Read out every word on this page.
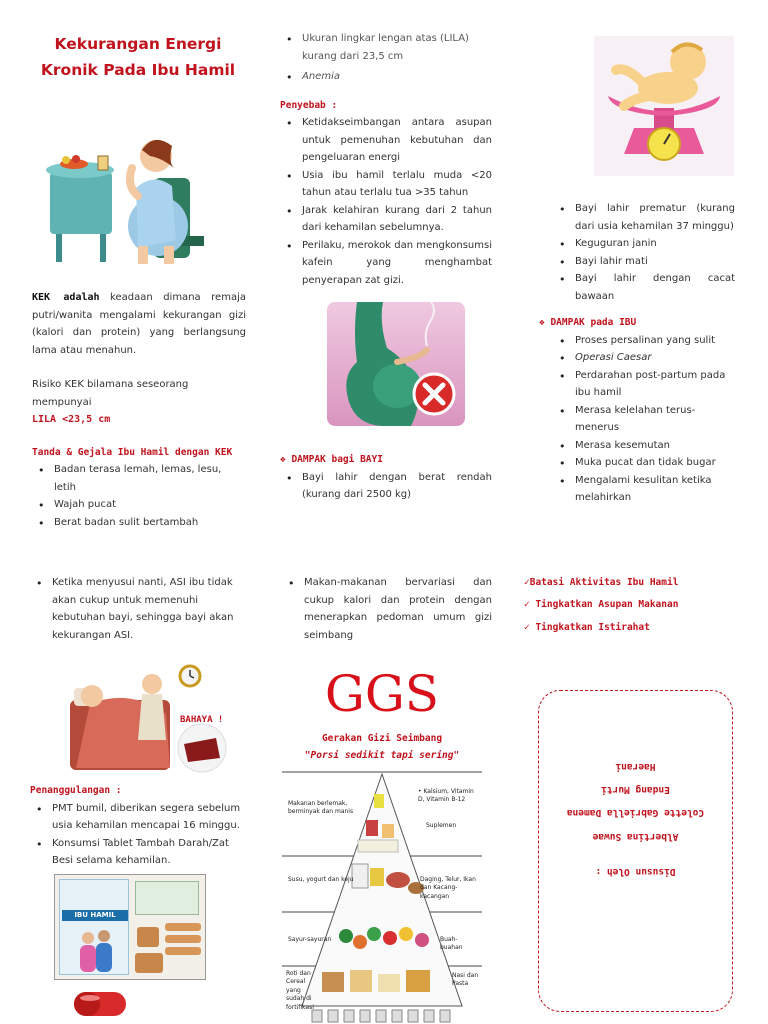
Kekurangan Energi
Kronik Pada Ibu Hamil

KEK adalah keadaan dimana remaja putri/wanita mengalami kekurangan gizi (kalori dan protein) yang berlangsung lama atau menahun.

Risiko KEK bilamana seseorang mempunyai

LILA <23,5 cm

Tanda & Gejala Ibu Hamil dengan KEK

• Badan terasa lemah, lemas, lesu, letih
• Wajah pucat
• Berat badan sulit bertambah
• Ukuran lingkar lengan atas (LILA) kurang dari 23,5 cm
• Anemia

Penyebab :

• Ketidakseimbangan antara asupan untuk pemenuhan kebutuhan dan pengeluaran energi
• Usia ibu hamil terlalu muda <20 tahun atau terlalu tua >35 tahun
• Jarak kelahiran kurang dari 2 tahun dari kehamilan sebelumnya.
• Perilaku, merokok dan mengkonsumsi kafein yang menghambat penyerapan zat gizi.

❖ DAMPAK bagi BAYI

• Bayi lahir dengan berat rendah (kurang dari 2500 kg)
• Bayi lahir prematur (kurang dari usia kehamilan 37 minggu)
• Keguguran janin
• Bayi lahir mati
• Bayi lahir dengan cacat bawaan

❖ DAMPAK pada IBU

• Proses persalinan yang sulit
• Operasi Caesar
• Perdarahan post-partum pada ibu hamil
• Merasa kelelahan terus-menerus
• Merasa kesemutan
• Muka pucat dan tidak bugar
• Mengalami kesulitan ketika melahirkan
• Ketika menyusui nanti, ASI ibu tidak akan cukup untuk memenuhi kebutuhan bayi, sehingga bayi akan kekurangan ASI.
BAHAYA !

Penanggulangan :

• PMT bumil, diberikan segera sebelum usia kehamilan mencapai 16 minggu.
• Konsumsi Tablet Tambah Darah/Zat Besi selama kehamilan.
IBU HAMIL
• Makan-makanan bervariasi dan cukup kalori dan protein dengan menerapkan pedoman umum gizi seimbang
GGS
Gerakan Gizi Seimbang
"Porsi sedikit tapi sering"
Makanan berlemak, berminyak dan manis
Susu, yogurt dan keju
Sayur-sayuran
Roti dan Cereal yang sudah di fortifikasi
• Kalsium, Vitamin D, Vitamin B-12
Suplemen
Daging, Telur, Ikan dan Kacang-kacangan
Buah-buahan
Nasi dan Pasta

✓Batasi Aktivitas Ibu Hamil

✓ Tingkatkan Asupan Makanan

✓ Tingkatkan Istirahat

Disusun Oleh :
Albertina Suwae
Colette Gabriella Damena
Endang Murti
Haerani
